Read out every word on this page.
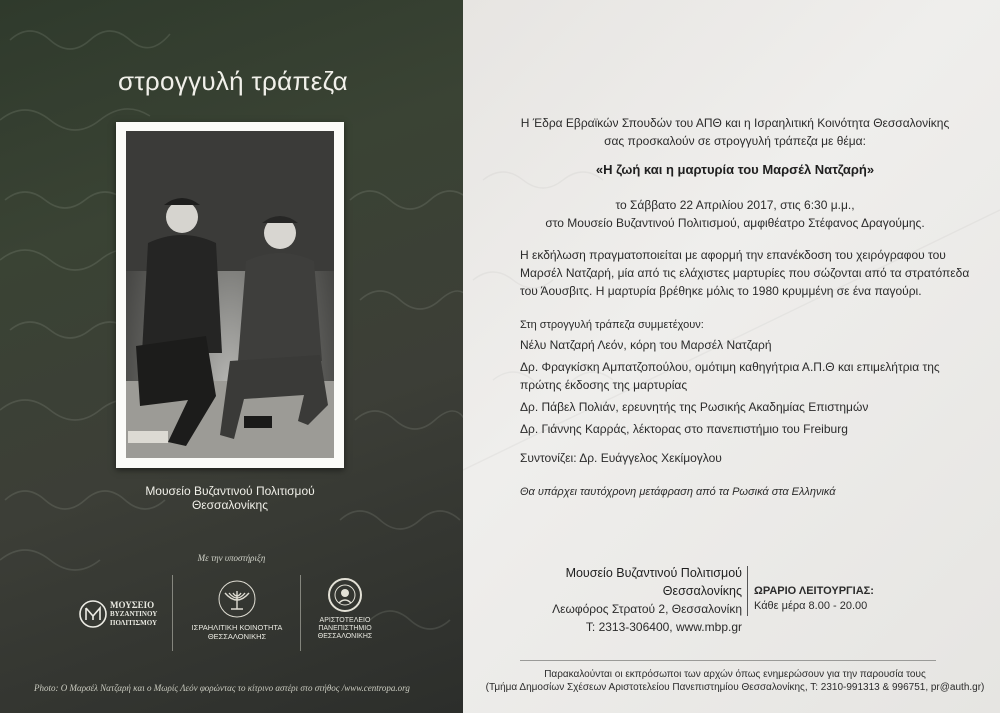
στρογγυλή τράπεζα
Μουσείο Βυζαντινού Πολιτισμού Θεσσαλονίκης
Με την υποστήριξη
ΜΟΥΣΕΙΟ
ΒΥΖΑΝΤΙΝΟΥ
ΠΟΛΙΤΙΣΜΟΥ	ΙΣΡΑΗΛΙΤΙΚΗ ΚΟΙΝΟΤΗΤΑ
ΘΕΣΣΑΛΟΝΙΚΗΣ
ΑΡΙΣΤΟΤΕΛΕΙΟ
ΠΑΝΕΠΙΣΤΗΜΙΟ
ΘΕΣΣΑΛΟΝΙΚΗΣ
Photo: Ο Μαρσέλ Νατζαρή και ο Μωρίς Λεόν φορώντας το κίτρινο αστέρι στο στήθος /www.centropa.org
Η Έδρα Εβραϊκών Σπουδών του ΑΠΘ και η Ισραηλιτική Κοινότητα Θεσσαλονίκης
σας προσκαλούν σε στρογγυλή τράπεζα με θέμα:
«Η ζωή και η μαρτυρία του Μαρσέλ Νατζαρή»
το Σάββατο 22 Απριλίου 2017, στις 6:30 μ.μ.,
στο Μουσείο Βυζαντινού Πολιτισμού, αμφιθέατρο Στέφανος Δραγούμης.
Η εκδήλωση πραγματοποιείται με αφορμή την επανέκδοση του χειρόγραφου του
Μαρσέλ Νατζαρή, μία από τις ελάχιστες μαρτυρίες που σώζονται από τα στρατόπεδα
του Άουσβιτς. Η μαρτυρία βρέθηκε μόλις το 1980 κρυμμένη σε ένα παγούρι.
Στη στρογγυλή τράπεζα συμμετέχουν:
Νέλυ Νατζαρή Λεόν, κόρη του Μαρσέλ Νατζαρή
Δρ. Φραγκίσκη Αμπατζοπούλου, ομότιμη καθηγήτρια Α.Π.Θ και επιμελήτρια της
πρώτης έκδοσης της μαρτυρίας
Δρ. Πάβελ Πολιάν, ερευνητής της Ρωσικής Ακαδημίας Επιστημών
Δρ. Γιάννης Καρράς, λέκτορας στο πανεπιστήμιο του Freiburg
Συντονίζει: Δρ. Ευάγγελος Χεκίμογλου
Θα υπάρχει ταυτόχρονη μετάφραση από τα Ρωσικά στα Ελληνικά
Μουσείο Βυζαντινού Πολιτισμού Θεσσαλονίκης
Λεωφόρος Στρατού 2, Θεσσαλονίκη
Τ: 2313-306400, www.mbp.gr
ΩΡΑΡΙΟ ΛΕΙΤΟΥΡΓΙΑΣ:
Κάθε μέρα 8.00 - 20.00
Παρακαλούνται οι εκπρόσωποι των αρχών όπως ενημερώσουν για την παρουσία τους
(Τμήμα Δημοσίων Σχέσεων Αριστοτελείου Πανεπιστημίου Θεσσαλονίκης, Τ: 2310-991313 & 996751, pr@auth.gr)
